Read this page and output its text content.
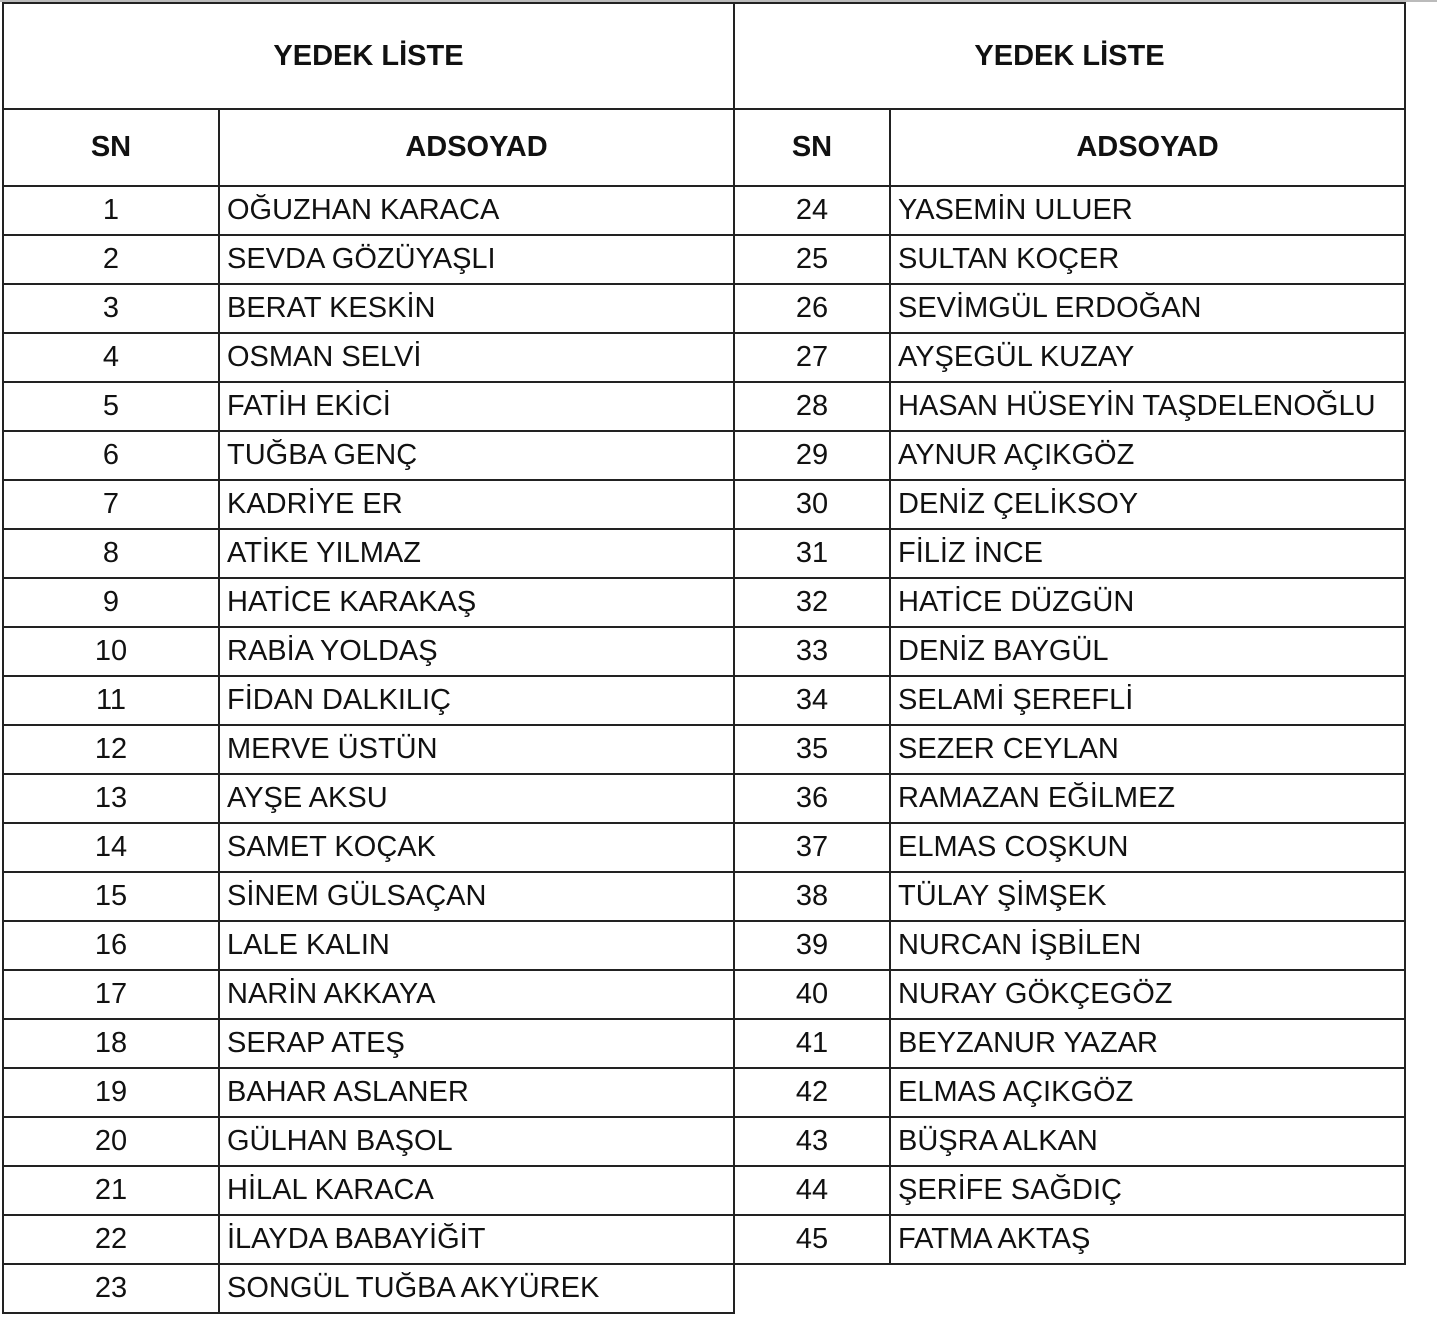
YEDEK LİSTE	
SN	ADSOYAD
1	OĞUZHAN KARACA
2	SEVDA GÖZÜYAŞLI
3	BERAT KESKİN
4	OSMAN SELVİ
5	FATİH EKİCİ
6	TUĞBA GENÇ
7	KADRİYE ER
8	ATİKE YILMAZ
9	HATİCE KARAKAŞ
10	RABİA YOLDAŞ
11	FİDAN DALKILIÇ
12	MERVE ÜSTÜN
13	AYŞE AKSU
14	SAMET KOÇAK
15	SİNEM GÜLSAÇAN
16	LALE KALIN
17	NARİN AKKAYA
18	SERAP ATEŞ
19	BAHAR ASLANER
20	GÜLHAN BAŞOL
21	HİLAL KARACA
22	İLAYDA BABAYİĞİT
23	SONGÜL TUĞBA AKYÜREK
YEDEK LİSTE	
SN	ADSOYAD
24	YASEMİN ULUER
25	SULTAN KOÇER
26	SEVİMGÜL ERDOĞAN
27	AYŞEGÜL KUZAY
28	HASAN HÜSEYİN TAŞDELENOĞLU
29	AYNUR AÇIKGÖZ
30	DENİZ ÇELİKSOY
31	FİLİZ İNCE
32	HATİCE DÜZGÜN
33	DENİZ BAYGÜL
34	SELAMİ ŞEREFLİ
35	SEZER CEYLAN
36	RAMAZAN EĞİLMEZ
37	ELMAS COŞKUN
38	TÜLAY ŞİMŞEK
39	NURCAN İŞBİLEN
40	NURAY GÖKÇEGÖZ
41	BEYZANUR YAZAR
42	ELMAS AÇIKGÖZ
43	BÜŞRA ALKAN
44	ŞERİFE SAĞDIÇ
45	FATMA AKTAŞ
